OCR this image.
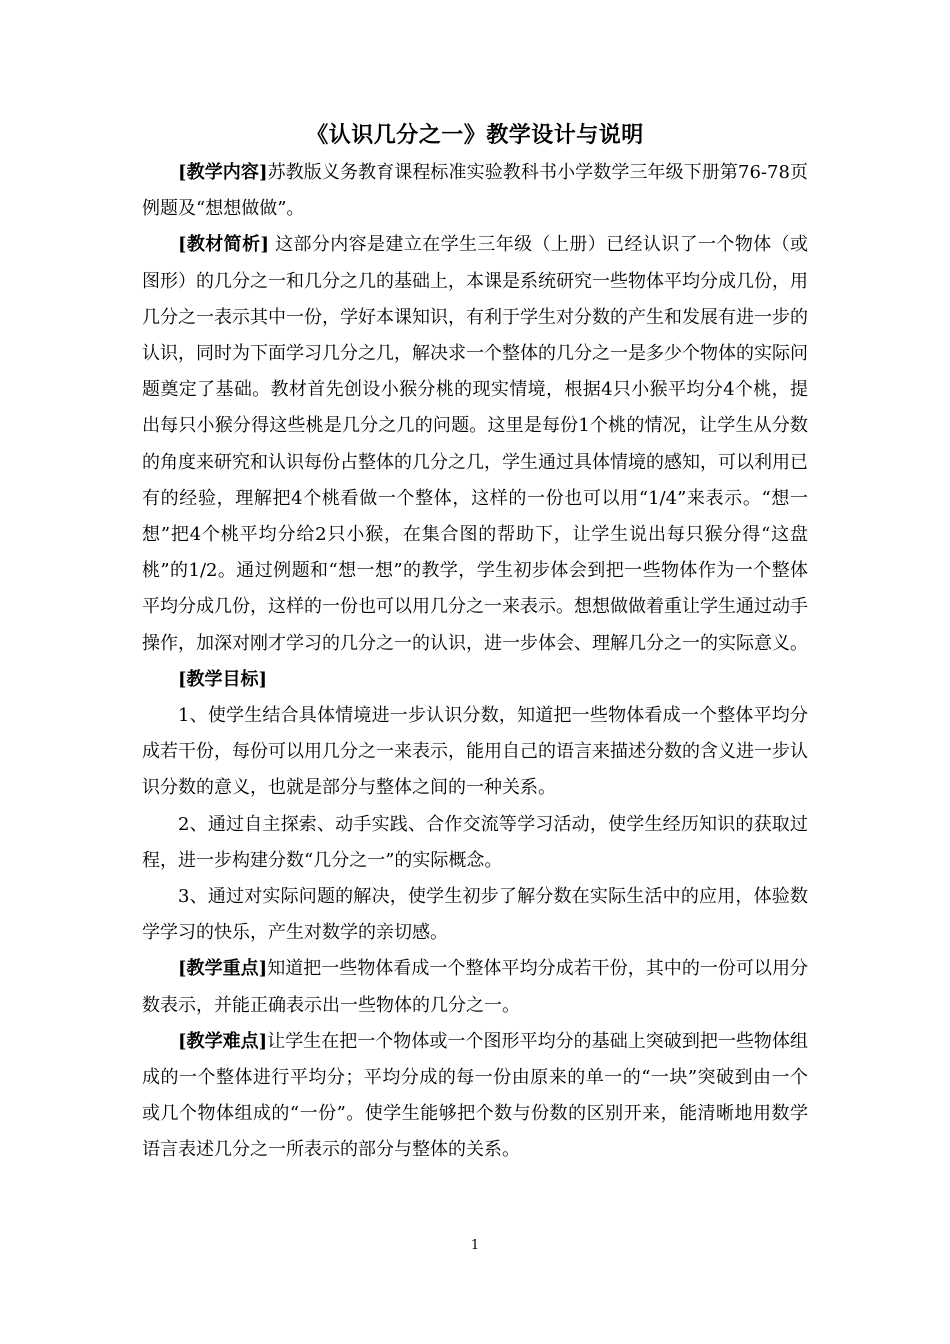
《认识几分之一》教学设计与说明

[教学内容]苏教版义务教育课程标准实验教科书小学数学三年级下册第76-78页例题及“想想做做”。

[教材简析] 这部分内容是建立在学生三年级（上册）已经认识了一个物体（或图形）的几分之一和几分之几的基础上，本课是系统研究一些物体平均分成几份，用几分之一表示其中一份，学好本课知识，有利于学生对分数的产生和发展有进一步的认识，同时为下面学习几分之几，解决求一个整体的几分之一是多少个物体的实际问题奠定了基础。教材首先创设小猴分桃的现实情境，根据4只小猴平均分4个桃，提出每只小猴分得这些桃是几分之几的问题。这里是每份1个桃的情况，让学生从分数的角度来研究和认识每份占整体的几分之几，学生通过具体情境的感知，可以利用已有的经验，理解把4个桃看做一个整体，这样的一份也可以用“1/4”来表示。“想一想”把4个桃平均分给2只小猴，在集合图的帮助下，让学生说出每只猴分得“这盘桃”的1/2。通过例题和“想一想”的教学，学生初步体会到把一些物体作为一个整体平均分成几份，这样的一份也可以用几分之一来表示。想想做做着重让学生通过动手操作，加深对刚才学习的几分之一的认识，进一步体会、理解几分之一的实际意义。

[教学目标]

1、使学生结合具体情境进一步认识分数，知道把一些物体看成一个整体平均分成若干份，每份可以用几分之一来表示，能用自己的语言来描述分数的含义进一步认识分数的意义，也就是部分与整体之间的一种关系。

2、通过自主探索、动手实践、合作交流等学习活动，使学生经历知识的获取过程，进一步构建分数“几分之一”的实际概念。

3、通过对实际问题的解决，使学生初步了解分数在实际生活中的应用，体验数学学习的快乐，产生对数学的亲切感。

[教学重点]知道把一些物体看成一个整体平均分成若干份，其中的一份可以用分数表示，并能正确表示出一些物体的几分之一。

[教学难点]让学生在把一个物体或一个图形平均分的基础上突破到把一些物体组成的一个整体进行平均分；平均分成的每一份由原来的单一的“一块”突破到由一个或几个物体组成的“一份”。使学生能够把个数与份数的区别开来，能清晰地用数学语言表述几分之一所表示的部分与整体的关系。

1
